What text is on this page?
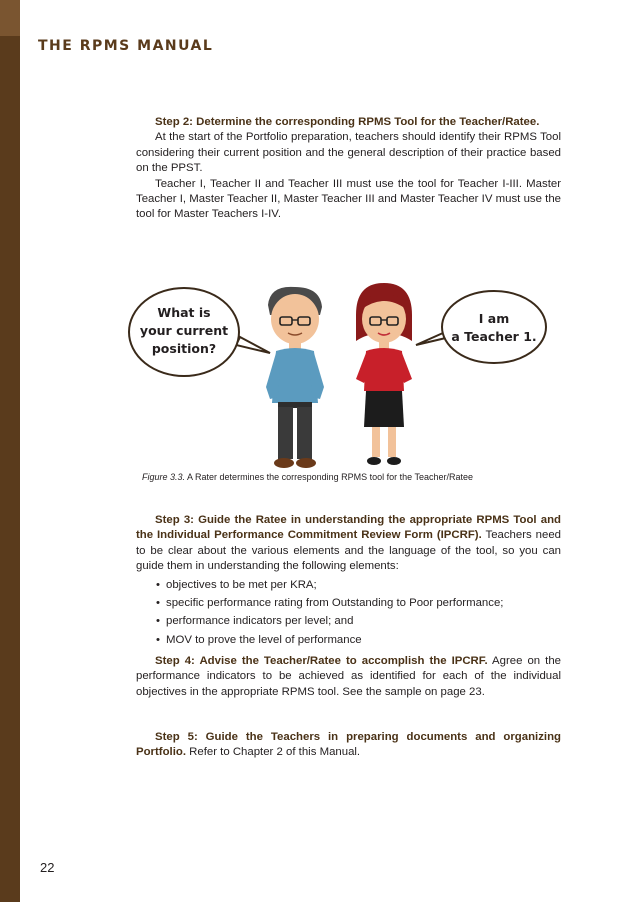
THE RPMS MANUAL

Step 2: Determine the corresponding RPMS Tool for the Teacher/Ratee.

At the start of the Portfolio preparation, teachers should identify their RPMS Tool considering their current position and the general description of their practice based on the PPST.

Teacher I, Teacher II and Teacher III must use the tool for Teacher I-III. Master Teacher I, Master Teacher II, Master Teacher III and Master Teacher IV must use the tool for Master Teachers I-IV.

What is
your current
position?
I am
a Teacher 1.
Figure 3.3. A Rater determines the corresponding RPMS tool for the Teacher/Ratee

Step 3: Guide the Ratee in understanding the appropriate RPMS Tool and the Individual Performance Commitment Review Form (IPCRF). Teachers need to be clear about the various elements and the language of the tool, so you can guide them in understanding the following elements:

• objectives to be met per KRA;
• specific performance rating from Outstanding to Poor performance;
• performance indicators per level; and
• MOV to prove the level of performance

Step 4: Advise the Teacher/Ratee to accomplish the IPCRF. Agree on the performance indicators to be achieved as identified for each of the individual objectives in the appropriate RPMS tool. See the sample on page 23.

Step 5: Guide the Teachers in preparing documents and organizing Portfolio. Refer to Chapter 2 of this Manual.

22
